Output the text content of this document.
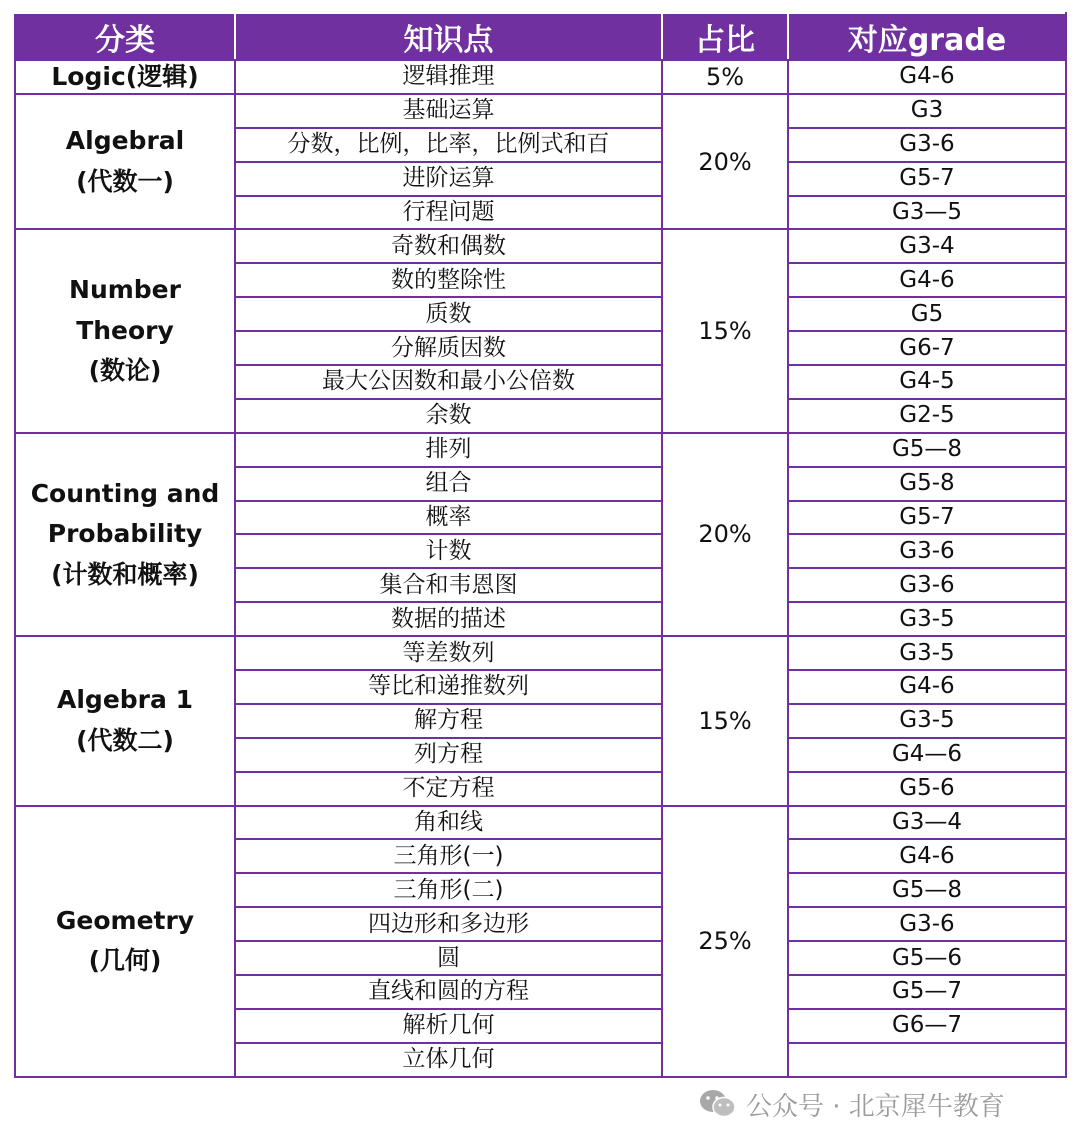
分类	知识点	占比	对应grade
Logic(逻辑)	逻辑推理	5%	G4-6
Algebral
(代数一)	基础运算	20%	G3
	分数，比例，比率，比例式和百		G3-6
	进阶运算		G5-7
	行程问题		G3—5
Number
Theory
(数论)	奇数和偶数	15%	G3-4
	数的整除性		G4-6
	质数		G5
	分解质因数		G6-7
	最大公因数和最小公倍数		G4-5
	余数		G2-5
Counting and
Probability
(计数和概率)	排列	20%	G5—8
	组合		G5-8
	概率		G5-7
	计数		G3-6
	集合和韦恩图		G3-6
	数据的描述		G3-5
Algebra 1
(代数二)	等差数列	15%	G3-5
	等比和递推数列		G4-6
	解方程		G3-5
	列方程		G4—6
	不定方程		G5-6
Geometry
(几何)	角和线	25%	G3—4
	三角形(一)		G4-6
	三角形(二)		G5—8
	四边形和多边形		G3-6
	圆		G5—6
	直线和圆的方程		G5—7
	解析几何		G6—7
	立体几何		
公众号 · 北京犀牛教育
